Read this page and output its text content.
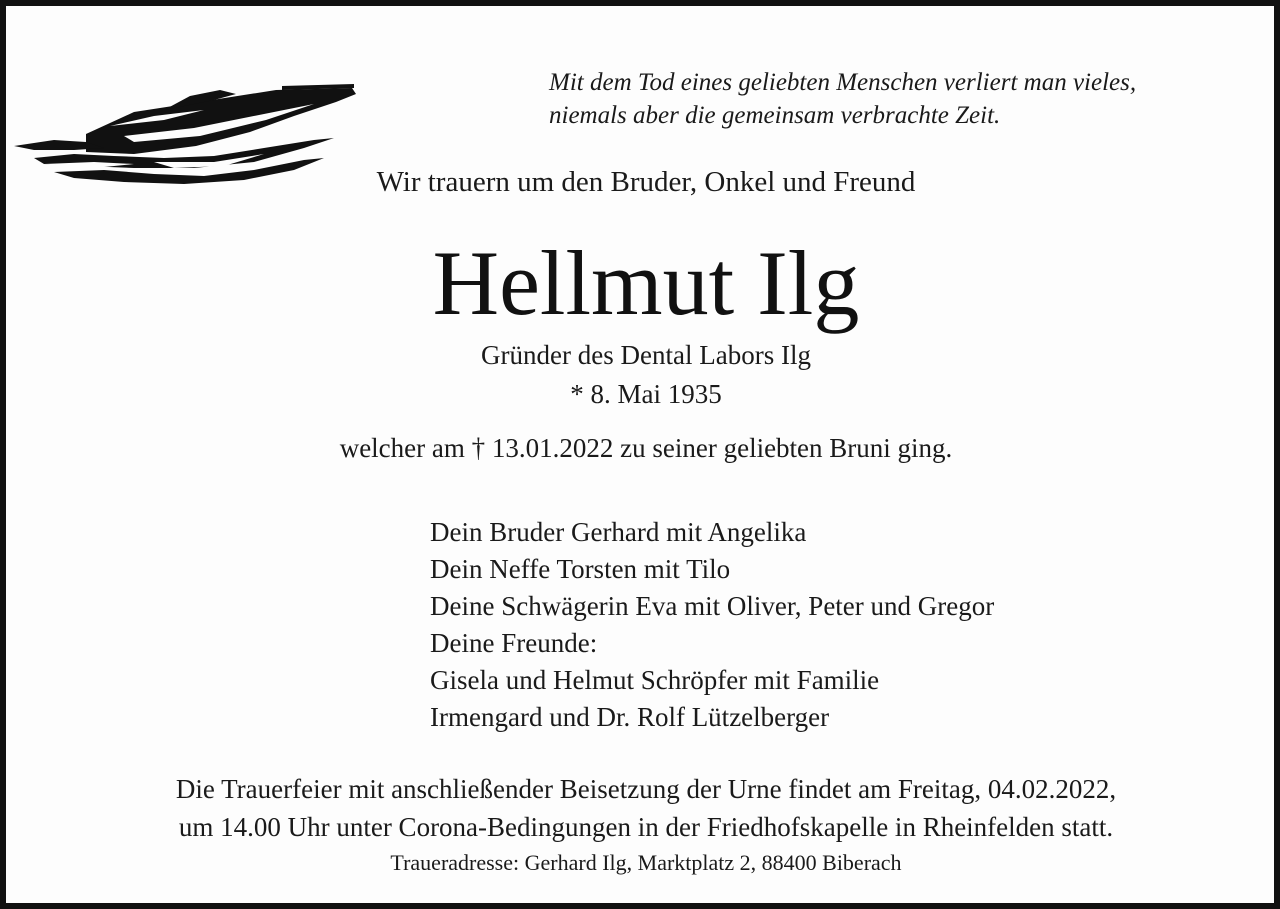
Mit dem Tod eines geliebten Menschen verliert man vieles,
niemals aber die gemeinsam verbrachte Zeit.
Wir trauern um den Bruder, Onkel und Freund
Hellmut Ilg
Gründer des Dental Labors Ilg
* 8. Mai 1935
welcher am † 13.01.2022 zu seiner geliebten Bruni ging.
Dein Bruder Gerhard mit Angelika
Dein Neffe Torsten mit Tilo
Deine Schwägerin Eva mit Oliver, Peter und Gregor
Deine Freunde:
Gisela und Helmut Schröpfer mit Familie
Irmengard und Dr. Rolf Lützelberger
Die Trauerfeier mit anschließender Beisetzung der Urne findet am Freitag, 04.02.2022,
um 14.00 Uhr unter Corona-Bedingungen in der Friedhofskapelle in Rheinfelden statt.
Traueradresse: Gerhard Ilg, Marktplatz 2, 88400 Biberach
